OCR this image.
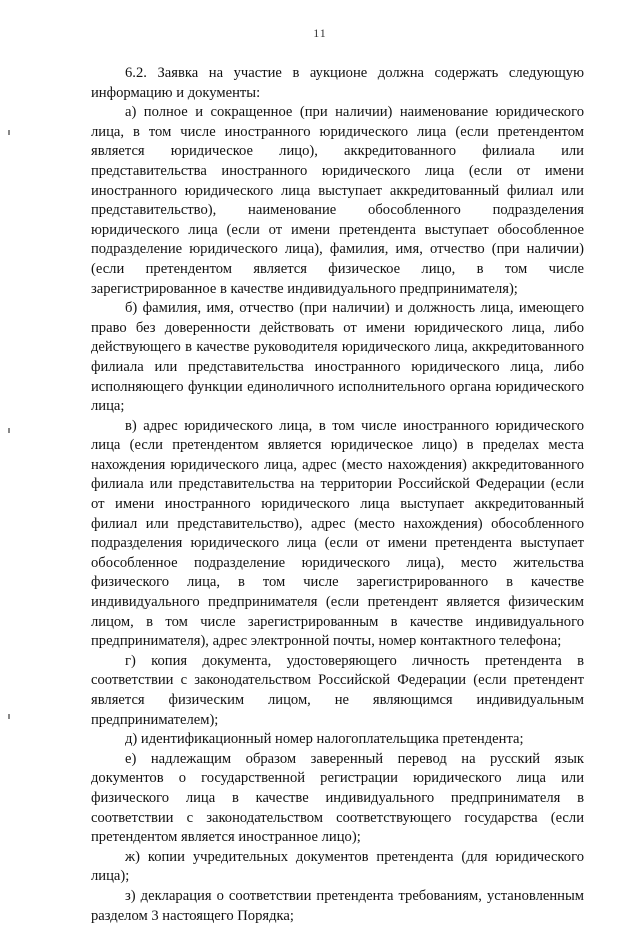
11

6.2. Заявка на участие в аукционе должна содержать следующую информацию и документы:

а) полное и сокращенное (при наличии) наименование юридического лица, в том числе иностранного юридического лица (если претендентом является юридическое лицо), аккредитованного филиала или представительства иностранного юридического лица (если от имени иностранного юридического лица выступает аккредитованный филиал или представительство), наименование обособленного подразделения юридического лица (если от имени претендента выступает обособленное подразделение юридического лица), фамилия, имя, отчество (при наличии) (если претендентом является физическое лицо, в том числе зарегистрированное в качестве индивидуального предпринимателя);

б) фамилия, имя, отчество (при наличии) и должность лица, имеющего право без доверенности действовать от имени юридического лица, либо действующего в качестве руководителя юридического лица, аккредитованного филиала или представительства иностранного юридического лица, либо исполняющего функции единоличного исполнительного органа юридического лица;

в) адрес юридического лица, в том числе иностранного юридического лица (если претендентом является юридическое лицо) в пределах места нахождения юридического лица, адрес (место нахождения) аккредитованного филиала или представительства на территории Российской Федерации (если от имени иностранного юридического лица выступает аккредитованный филиал или представительство), адрес (место нахождения) обособленного подразделения юридического лица (если от имени претендента выступает обособленное подразделение юридического лица), место жительства физического лица, в том числе зарегистрированного в качестве индивидуального предпринимателя (если претендент является физическим лицом, в том числе зарегистрированным в качестве индивидуального предпринимателя), адрес электронной почты, номер контактного телефона;

г) копия документа, удостоверяющего личность претендента в соответствии с законодательством Российской Федерации (если претендент является физическим лицом, не являющимся индивидуальным предпринимателем);

д) идентификационный номер налогоплательщика претендента;

е) надлежащим образом заверенный перевод на русский язык документов о государственной регистрации юридического лица или физического лица в качестве индивидуального предпринимателя в соответствии с законодательством соответствующего государства (если претендентом является иностранное лицо);

ж) копии учредительных документов претендента (для юридического лица);

з) декларация о соответствии претендента требованиям, установленным разделом 3 настоящего Порядка;
